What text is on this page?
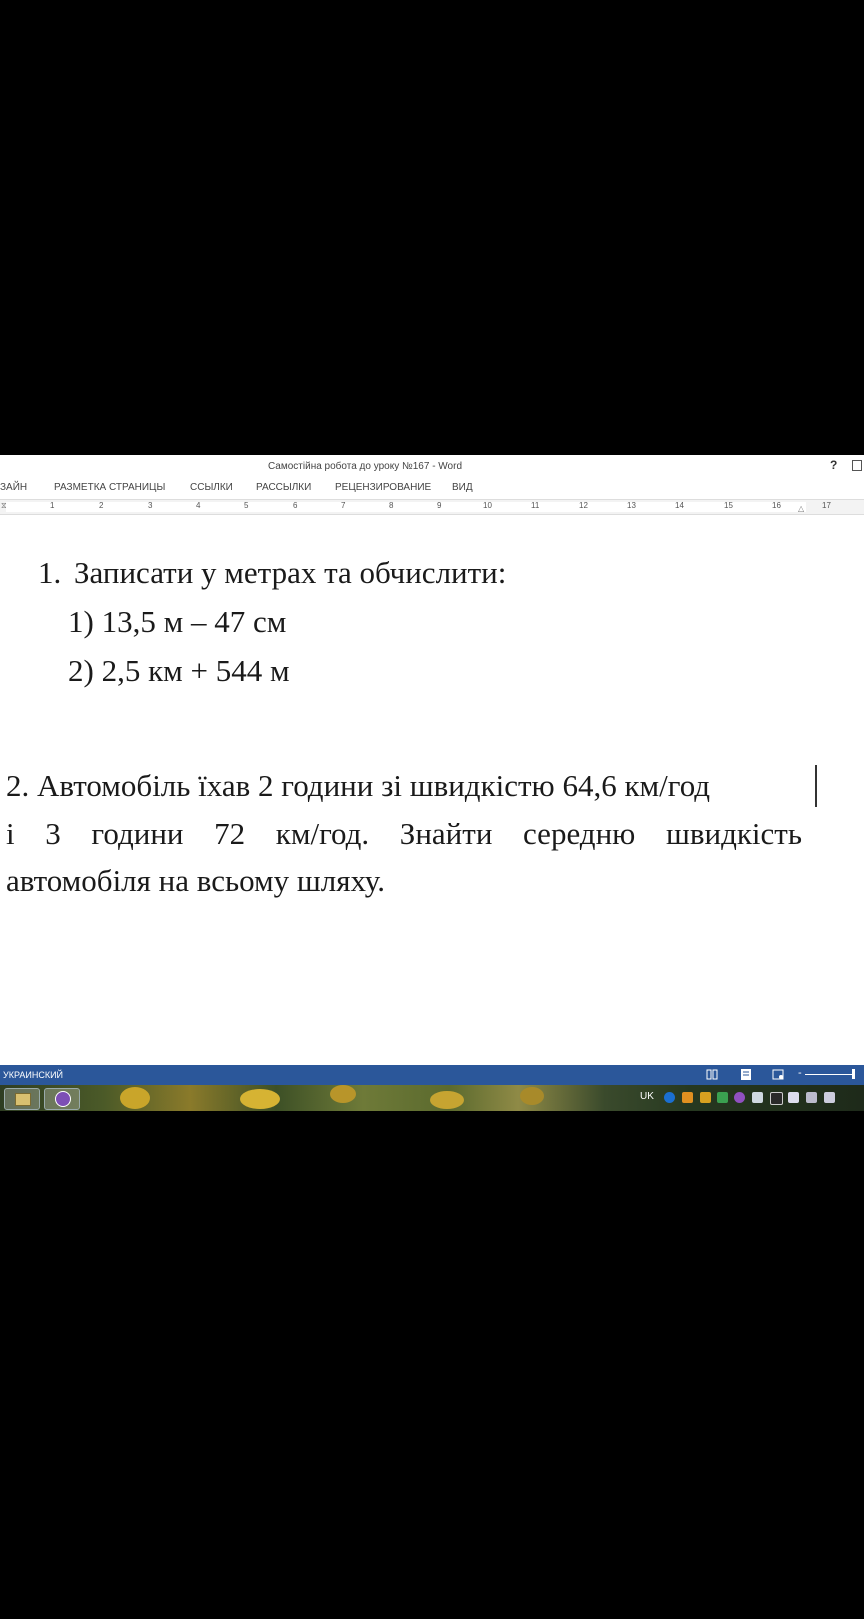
Самостійна робота до уроку №167 - Word	?
ЗАЙН	РАЗМЕТКА СТРАНИЦЫ ССЫЛКИ РАССЫЛКИ РЕЦЕНЗИРОВАНИЕ ВИД
⧖	△
1	2	3	4	5	6	7	8	9	10	11	12	13	14	15	16	17
1. Записати у метрах та обчислити:
1) 13,5 м – 47 см
2) 2,5 км + 544 м
2. Автомобіль їхав 2 години зі швидкістю 64,6 км/год
і 3 години 72 км/год. Знайти середню швидкість
автомобіля на всьому шляху.
УКРАИНСКИЙ	-
UK
